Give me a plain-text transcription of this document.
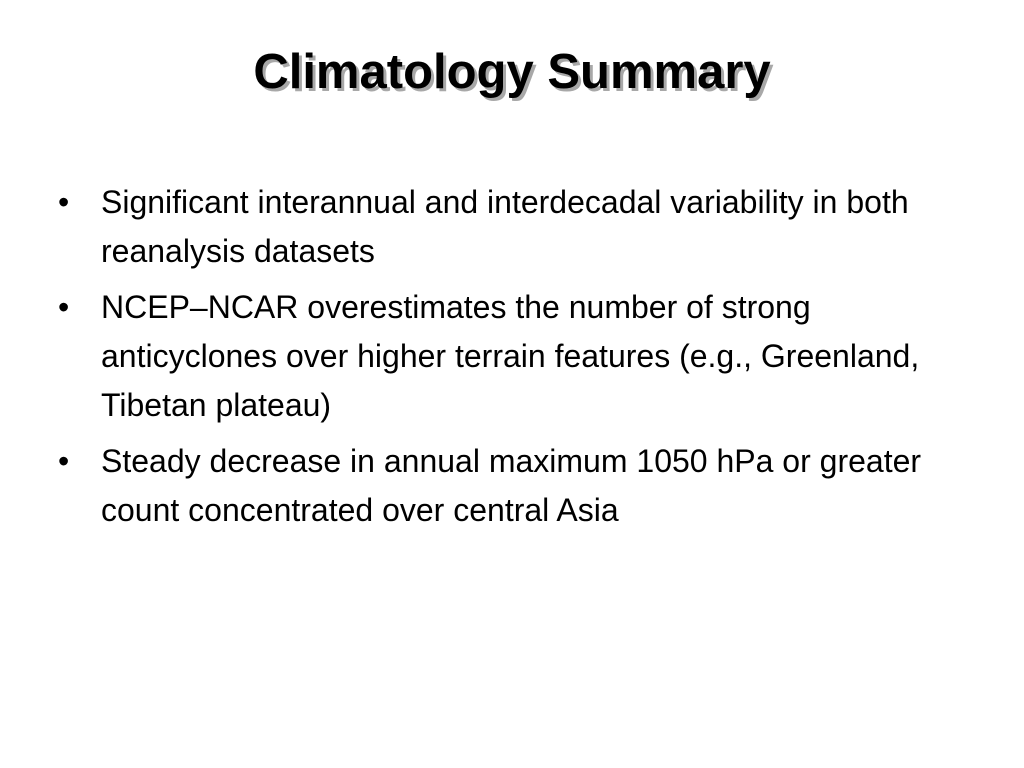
Climatology Summary
• Significant interannual and interdecadal variability in both reanalysis datasets
• NCEP–NCAR overestimates the number of strong anticyclones over higher terrain features (e.g., Greenland, Tibetan plateau)
• Steady decrease in annual maximum 1050 hPa or greater count concentrated over central Asia
